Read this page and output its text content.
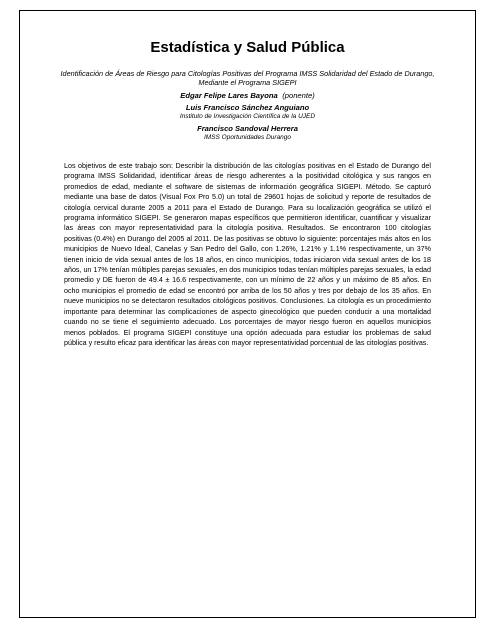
Estadística y Salud Pública
Identificación de Áreas de Riesgo para Citologías Positivas del Programa IMSS Solidaridad del Estado de Durango, Mediante el Programa SIGEPI
Edgar Felipe Lares Bayona (ponente)
Luis Francisco Sánchez Anguiano
Instituto de Investigación Científica de la UJED
Francisco Sandoval Herrera
IMSS Oportunidades Durango

Los objetivos de este trabajo son: Describir la distribución de las citologías positivas en el Estado de Durango del programa IMSS Solidaridad, identificar áreas de riesgo adherentes a la positividad citológica y sus rangos en promedios de edad, mediante el software de sistemas de información geográfica SIGEPI. Método. Se capturó mediante una base de datos (Visual Fox Pro 5.0) un total de 29601 hojas de solicitud y reporte de resultados de citología cervical durante 2005 a 2011 para el Estado de Durango. Para su localización geográfica se utilizó el programa informático SIGEPI. Se generaron mapas específicos que permitieron identificar, cuantificar y visualizar las áreas con mayor representatividad para la citología positiva. Resultados. Se encontraron 100 citologías positivas (0.4%) en Durango del 2005 al 2011. De las positivas se obtuvo lo siguiente: porcentajes más altos en los municipios de Nuevo Ideal, Canelas y San Pedro del Gallo, con 1.26%, 1.21% y 1.1% respectivamente, un 37% tienen inicio de vida sexual antes de los 18 años, en cinco municipios, todas iniciaron vida sexual antes de los 18 años, un 17% tenían múltiples parejas sexuales, en dos municipios todas tenían múltiples parejas sexuales, la edad promedio y DE fueron de 49.4 ± 16.6 respectivamente, con un mínimo de 22 años y un máximo de 85 años. En ocho municipios el promedio de edad se encontró por arriba de los 50 años y tres por debajo de los 35 años. En nueve municipios no se detectaron resultados citológicos positivos. Conclusiones. La citología es un procedimiento importante para determinar las complicaciones de aspecto ginecológico que pueden conducir a una mortalidad cuando no se tiene el seguimiento adecuado. Los porcentajes de mayor riesgo fueron en aquellos municipios menos poblados. El programa SIGEPI constituye una opción adecuada para estudiar los problemas de salud pública y resulto eficaz para identificar las áreas con mayor representatividad porcentual de las citologías positivas.
